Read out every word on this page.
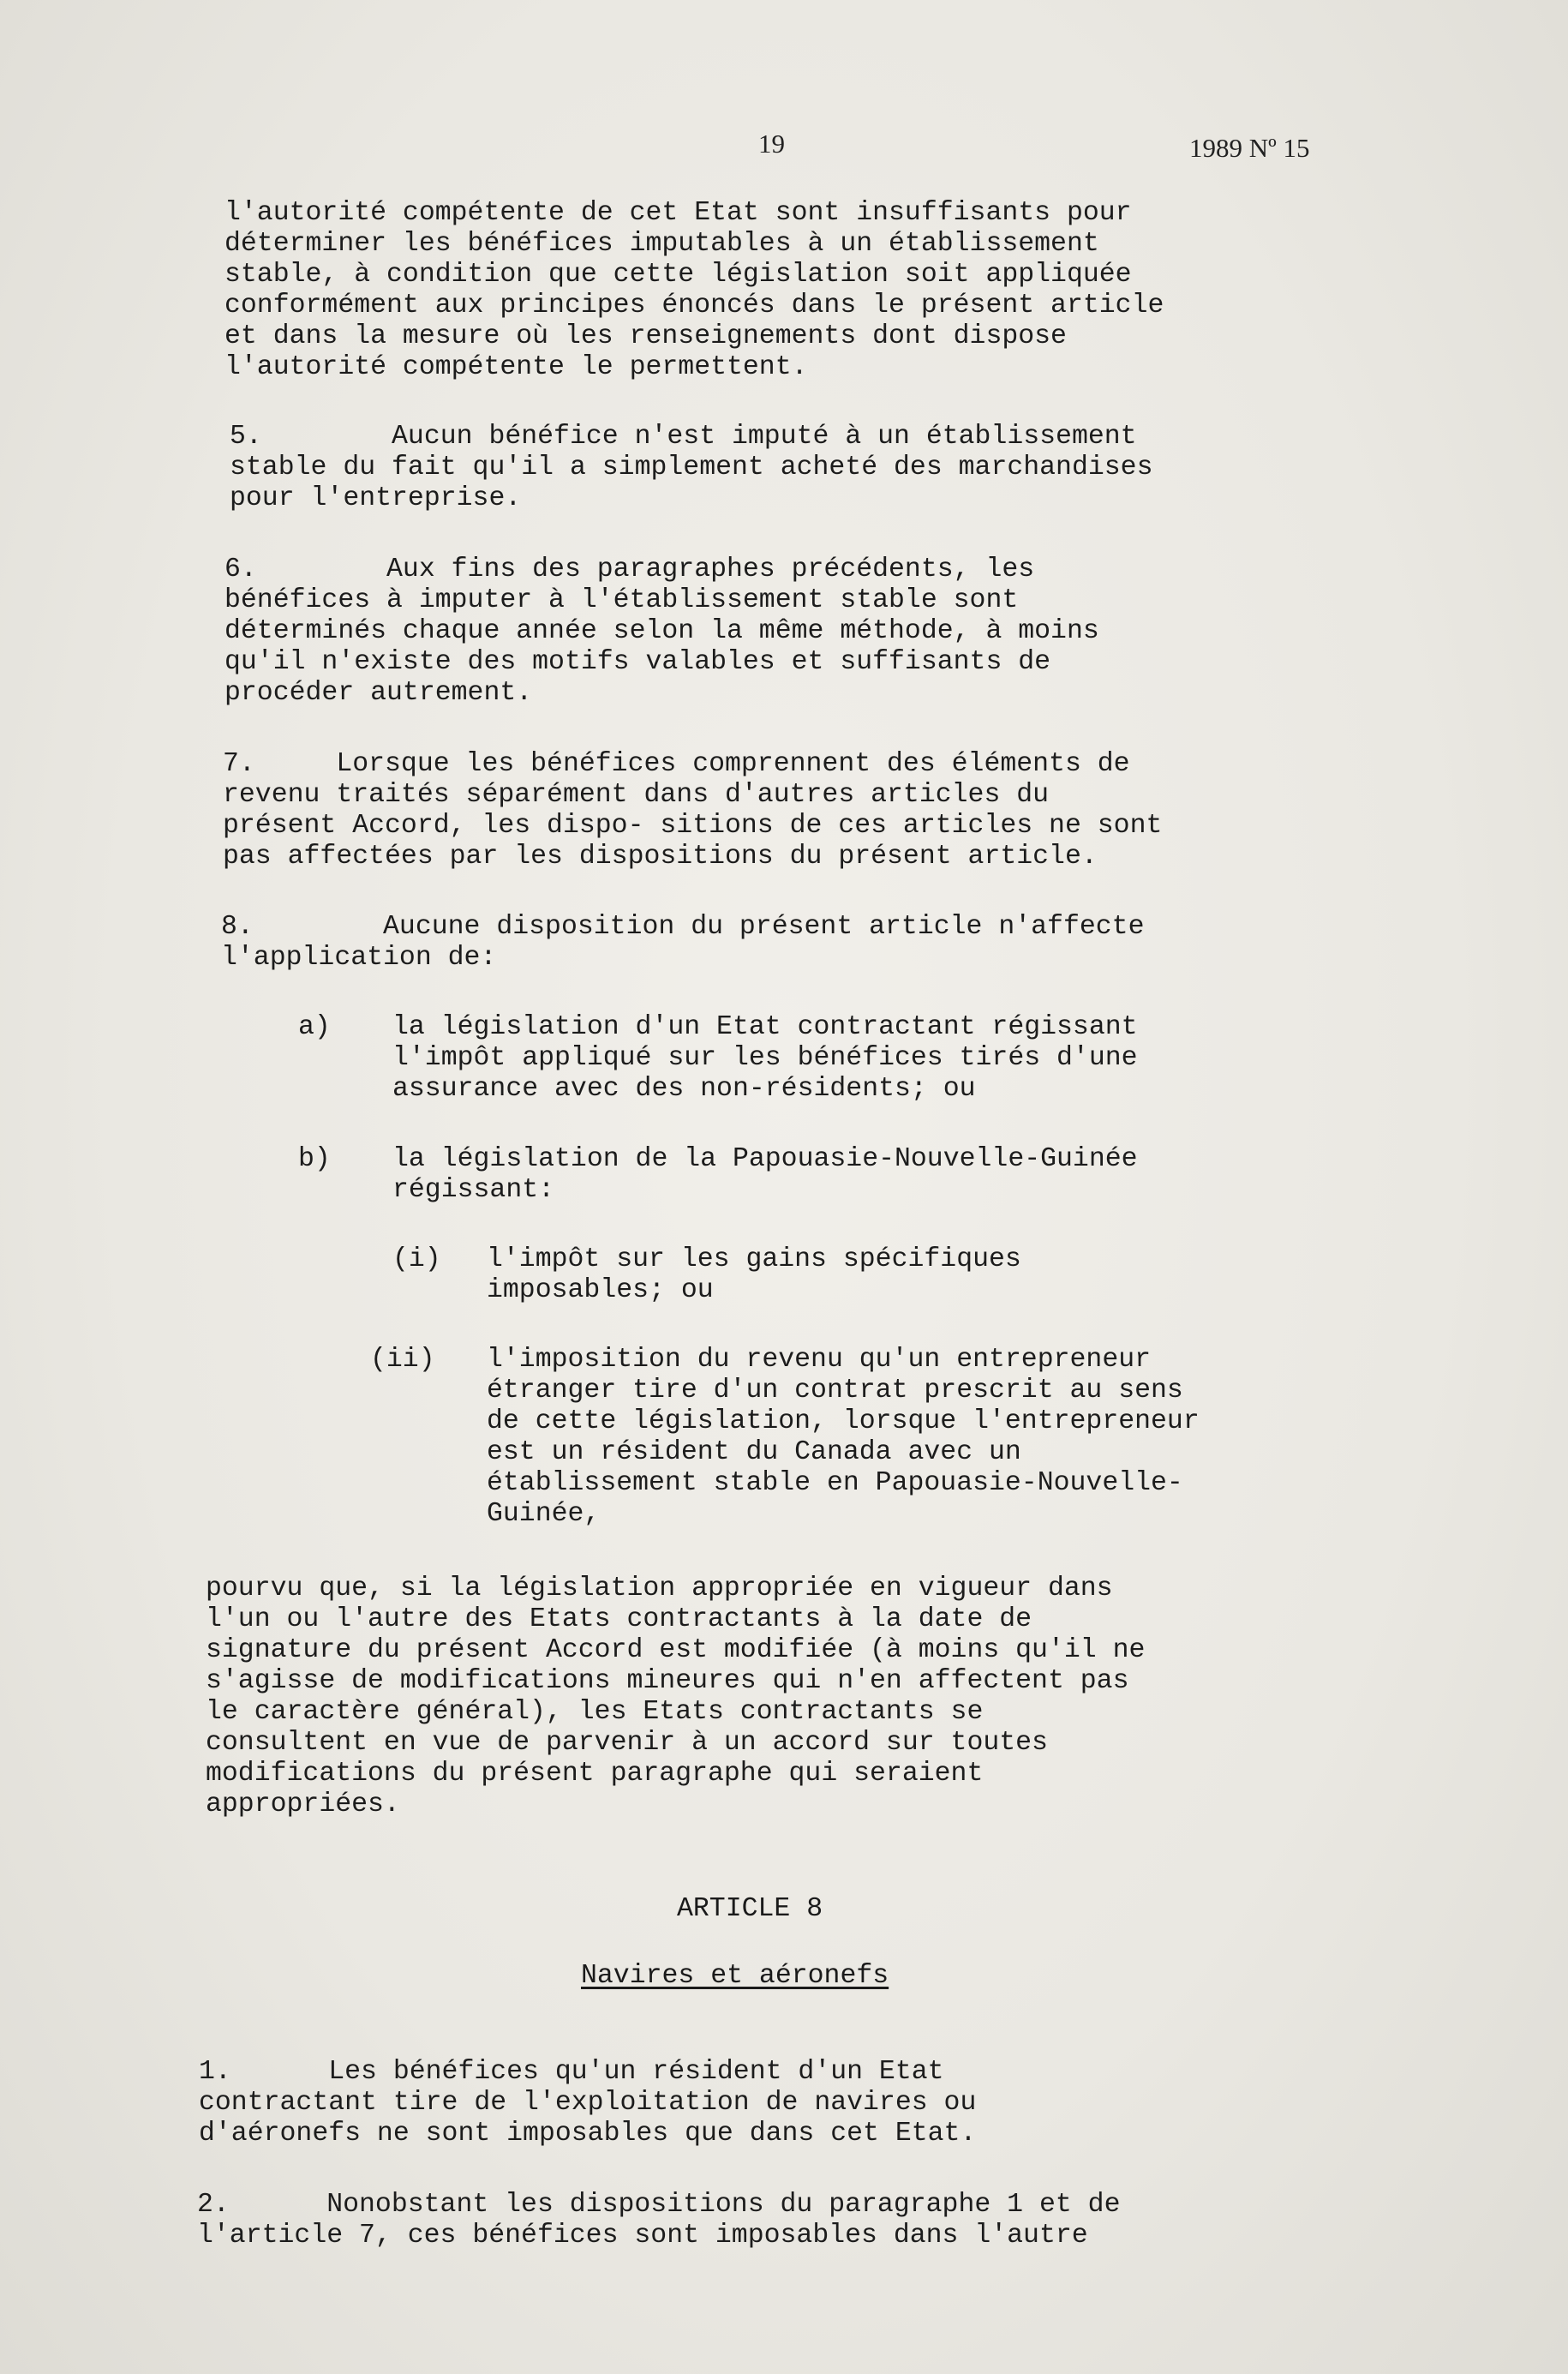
19	1989 Nº 15

l'autorité compétente de cet Etat sont insuffisants pour

déterminer les bénéfices imputables à un établissement

stable, à condition que cette législation soit appliquée

conformément aux principes énoncés dans le présent article

et dans la mesure où les renseignements dont dispose

l'autorité compétente le permettent.

5.        Aucun bénéfice n'est imputé à un établissement

stable du fait qu'il a simplement acheté des marchandises

pour l'entreprise.

6.        Aux fins des paragraphes précédents, les

bénéfices à imputer à l'établissement stable sont

déterminés chaque année selon la même méthode, à moins

qu'il n'existe des motifs valables et suffisants de

procéder autrement.

7.     Lorsque les bénéfices comprennent des éléments de

revenu traités séparément dans d'autres articles du

présent Accord, les dispo- sitions de ces articles ne sont

pas affectées par les dispositions du présent article.

8.        Aucune disposition du présent article n'affecte

l'application de:

a) la législation d'un Etat contractant régissant

l'impôt appliqué sur les bénéfices tirés d'une

assurance avec des non-résidents; ou

b) la législation de la Papouasie-Nouvelle-Guinée

régissant:

(i) l'impôt sur les gains spécifiques

imposables; ou

(ii) l'imposition du revenu qu'un entrepreneur

étranger tire d'un contrat prescrit au sens

de cette législation, lorsque l'entrepreneur

est un résident du Canada avec un

établissement stable en Papouasie-Nouvelle-

Guinée,

pourvu que, si la législation appropriée en vigueur dans

l'un ou l'autre des Etats contractants à la date de

signature du présent Accord est modifiée (à moins qu'il ne

s'agisse de modifications mineures qui n'en affectent pas

le caractère général), les Etats contractants se

consultent en vue de parvenir à un accord sur toutes

modifications du présent paragraphe qui seraient

appropriées.

ARTICLE 8

Navires et aéronefs

1.      Les bénéfices qu'un résident d'un Etat

contractant tire de l'exploitation de navires ou

d'aéronefs ne sont imposables que dans cet Etat.

2.      Nonobstant les dispositions du paragraphe 1 et de

l'article 7, ces bénéfices sont imposables dans l'autre
